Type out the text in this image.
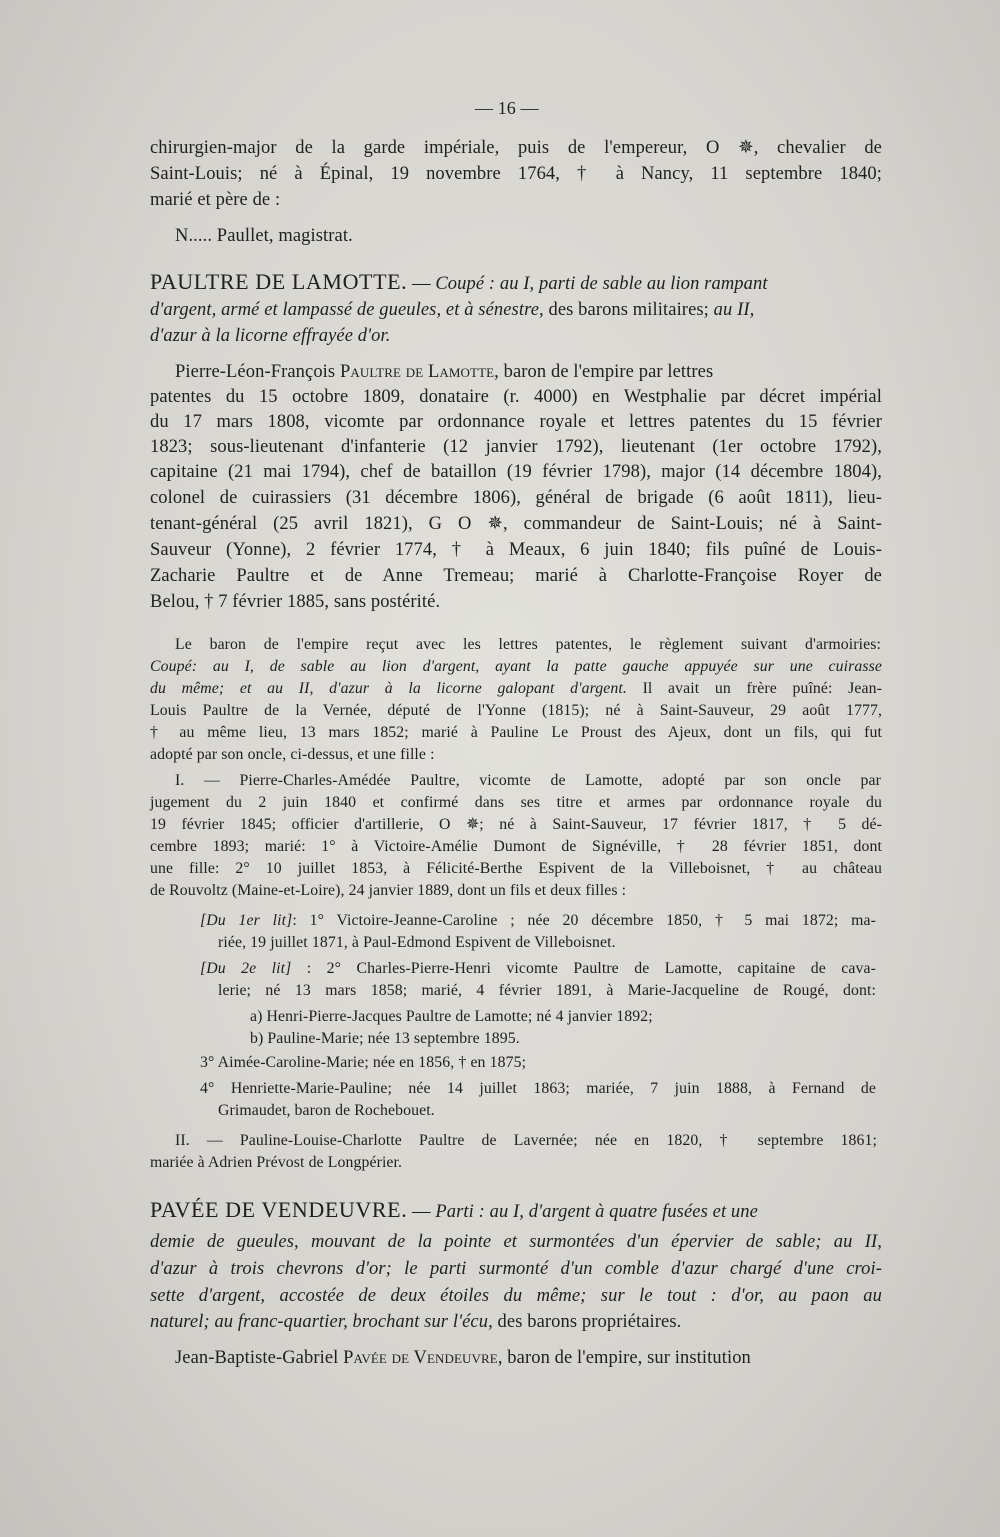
— 16 —

chirurgien-major de la garde impériale, puis de l'empereur, O ✵, chevalier de

Saint-Louis; né à Épinal, 19 novembre 1764, † à Nancy, 11 septembre 1840;

marié et père de :

N..... Paullet, magistrat.

PAULTRE DE LAMOTTE. — Coupé : au I, parti de sable au lion rampant

d'argent, armé et lampassé de gueules, et à sénestre, des barons militaires; au II,

d'azur à la licorne effrayée d'or.

Pierre-Léon-François Paultre de Lamotte, baron de l'empire par lettres

patentes du 15 octobre 1809, donataire (r. 4000) en Westphalie par décret impérial

du 17 mars 1808, vicomte par ordonnance royale et lettres patentes du 15 février

1823; sous-lieutenant d'infanterie (12 janvier 1792), lieutenant (1er octobre 1792),

capitaine (21 mai 1794), chef de bataillon (19 février 1798), major (14 décembre 1804),

colonel de cuirassiers (31 décembre 1806), général de brigade (6 août 1811), lieu-

tenant-général (25 avril 1821), G O ✵, commandeur de Saint-Louis; né à Saint-

Sauveur (Yonne), 2 février 1774, † à Meaux, 6 juin 1840; fils puîné de Louis-

Zacharie Paultre et de Anne Tremeau; marié à Charlotte-Françoise Royer de

Belou, † 7 février 1885, sans postérité.

Le baron de l'empire reçut avec les lettres patentes, le règlement suivant d'armoiries:

Coupé: au I, de sable au lion d'argent, ayant la patte gauche appuyée sur une cuirasse

du même; et au II, d'azur à la licorne galopant d'argent. Il avait un frère puîné: Jean-

Louis Paultre de la Vernée, député de l'Yonne (1815); né à Saint-Sauveur, 29 août 1777,

† au même lieu, 13 mars 1852; marié à Pauline Le Proust des Ajeux, dont un fils, qui fut

adopté par son oncle, ci-dessus, et une fille :

I. — Pierre-Charles-Amédée Paultre, vicomte de Lamotte, adopté par son oncle par

jugement du 2 juin 1840 et confirmé dans ses titre et armes par ordonnance royale du

19 février 1845; officier d'artillerie, O ✵; né à Saint-Sauveur, 17 février 1817, † 5 dé-

cembre 1893; marié: 1° à Victoire-Amélie Dumont de Signéville, † 28 février 1851, dont

une fille: 2° 10 juillet 1853, à Félicité-Berthe Espivent de la Villeboisnet, † au château

de Rouvoltz (Maine-et-Loire), 24 janvier 1889, dont un fils et deux filles :

[Du 1er lit]: 1° Victoire-Jeanne-Caroline ; née 20 décembre 1850, † 5 mai 1872; ma-

riée, 19 juillet 1871, à Paul-Edmond Espivent de Villeboisnet.

[Du 2e lit] : 2° Charles-Pierre-Henri vicomte Paultre de Lamotte, capitaine de cava-

lerie; né 13 mars 1858; marié, 4 février 1891, à Marie-Jacqueline de Rougé, dont:

a) Henri-Pierre-Jacques Paultre de Lamotte; né 4 janvier 1892;

b) Pauline-Marie; née 13 septembre 1895.

3° Aimée-Caroline-Marie; née en 1856, † en 1875;

4° Henriette-Marie-Pauline; née 14 juillet 1863; mariée, 7 juin 1888, à Fernand de

Grimaudet, baron de Rochebouet.

II. — Pauline-Louise-Charlotte Paultre de Lavernée; née en 1820, † septembre 1861;

mariée à Adrien Prévost de Longpérier.

PAVÉE DE VENDEUVRE. — Parti : au I, d'argent à quatre fusées et une

demie de gueules, mouvant de la pointe et surmontées d'un épervier de sable; au II,

d'azur à trois chevrons d'or; le parti surmonté d'un comble d'azur chargé d'une croi-

sette d'argent, accostée de deux étoiles du même; sur le tout : d'or, au paon au

naturel; au franc-quartier, brochant sur l'écu, des barons propriétaires.

Jean-Baptiste-Gabriel Pavée de Vendeuvre, baron de l'empire, sur institution
